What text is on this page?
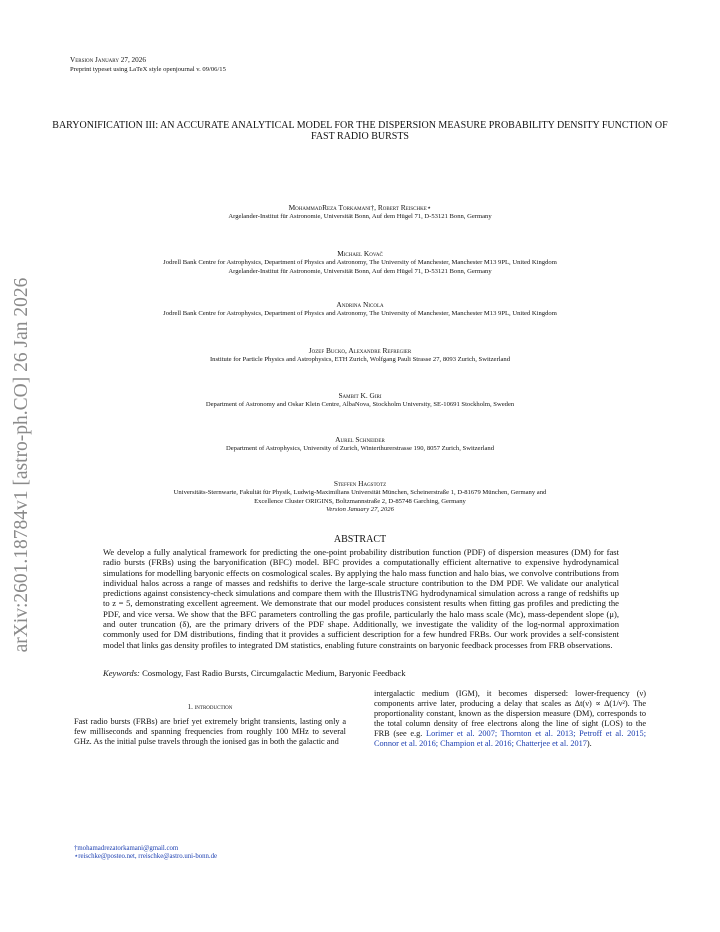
Version January 27, 2026
Preprint typeset using LaTeX style openjournal v. 09/06/15
arXiv:2601.18784v1 [astro-ph.CO] 26 Jan 2026
BARYONIFICATION III: AN ACCURATE ANALYTICAL MODEL FOR THE DISPERSION MEASURE PROBABILITY DENSITY FUNCTION OF FAST RADIO BURSTS
MohammadReza Torkamani†, Robert Reischke⋆
Argelander-Institut für Astronomie, Universität Bonn, Auf dem Hügel 71, D-53121 Bonn, Germany
Michael Kovač
Jodrell Bank Centre for Astrophysics, Department of Physics and Astronomy, The University of Manchester, Manchester M13 9PL, United Kingdom
Argelander-Institut für Astronomie, Universität Bonn, Auf dem Hügel 71, D-53121 Bonn, Germany
Andrina Nicola
Jodrell Bank Centre for Astrophysics, Department of Physics and Astronomy, The University of Manchester, Manchester M13 9PL, United Kingdom
Jozef Bucko, Alexandre Refregier
Institute for Particle Physics and Astrophysics, ETH Zurich, Wolfgang Pauli Strasse 27, 8093 Zurich, Switzerland
Sambit K. Giri
Department of Astronomy and Oskar Klein Centre, AlbaNova, Stockholm University, SE-10691 Stockholm, Sweden
Aurel Schneider
Department of Astrophysics, University of Zurich, Winterthurerstrasse 190, 8057 Zurich, Switzerland
Steffen Hagstotz
Universitäts-Sternwarte, Fakultät für Physik, Ludwig-Maximilians Universität München, Scheinerstraße 1, D-81679 München, Germany and
Excellence Cluster ORIGINS, Boltzmannstraße 2, D-85748 Garching, Germany
Version January 27, 2026
ABSTRACT
We develop a fully analytical framework for predicting the one-point probability distribution function (PDF) of dispersion measures (DM) for fast radio bursts (FRBs) using the baryonification (BFC) model. BFC provides a computationally efficient alternative to expensive hydrodynamical simulations for modelling baryonic effects on cosmological scales. By applying the halo mass function and halo bias, we convolve contributions from individual halos across a range of masses and redshifts to derive the large-scale structure contribution to the DM PDF. We validate our analytical predictions against consistency-check simulations and compare them with the IllustrisTNG hydrodynamical simulation across a range of redshifts up to z = 5, demonstrating excellent agreement. We demonstrate that our model produces consistent results when fitting gas profiles and predicting the PDF, and vice versa. We show that the BFC parameters controlling the gas profile, particularly the halo mass scale (Mc), mass-dependent slope (μ), and outer truncation (δ), are the primary drivers of the PDF shape. Additionally, we investigate the validity of the log-normal approximation commonly used for DM distributions, finding that it provides a sufficient description for a few hundred FRBs. Our work provides a self-consistent model that links gas density profiles to integrated DM statistics, enabling future constraints on baryonic feedback processes from FRB observations.
Keywords: Cosmology, Fast Radio Bursts, Circumgalactic Medium, Baryonic Feedback
1. introduction
Fast radio bursts (FRBs) are brief yet extremely bright transients, lasting only a few milliseconds and spanning frequencies from roughly 100 MHz to several GHz. As the initial pulse travels through the ionised gas in both the galactic and
intergalactic medium (IGM), it becomes dispersed: lower-frequency (ν) components arrive later, producing a delay that scales as Δt(ν) ∝ Δ(1/ν²). The proportionality constant, known as the dispersion measure (DM), corresponds to the total column density of free electrons along the line of sight (LOS) to the FRB (see e.g. Lorimer et al. 2007; Thornton et al. 2013; Petroff et al. 2015; Connor et al. 2016; Champion et al. 2016; Chatterjee et al. 2017).
†mohamadrezatorkamani@gmail.com
⋆reischke@posteo.net, rreischke@astro.uni-bonn.de
